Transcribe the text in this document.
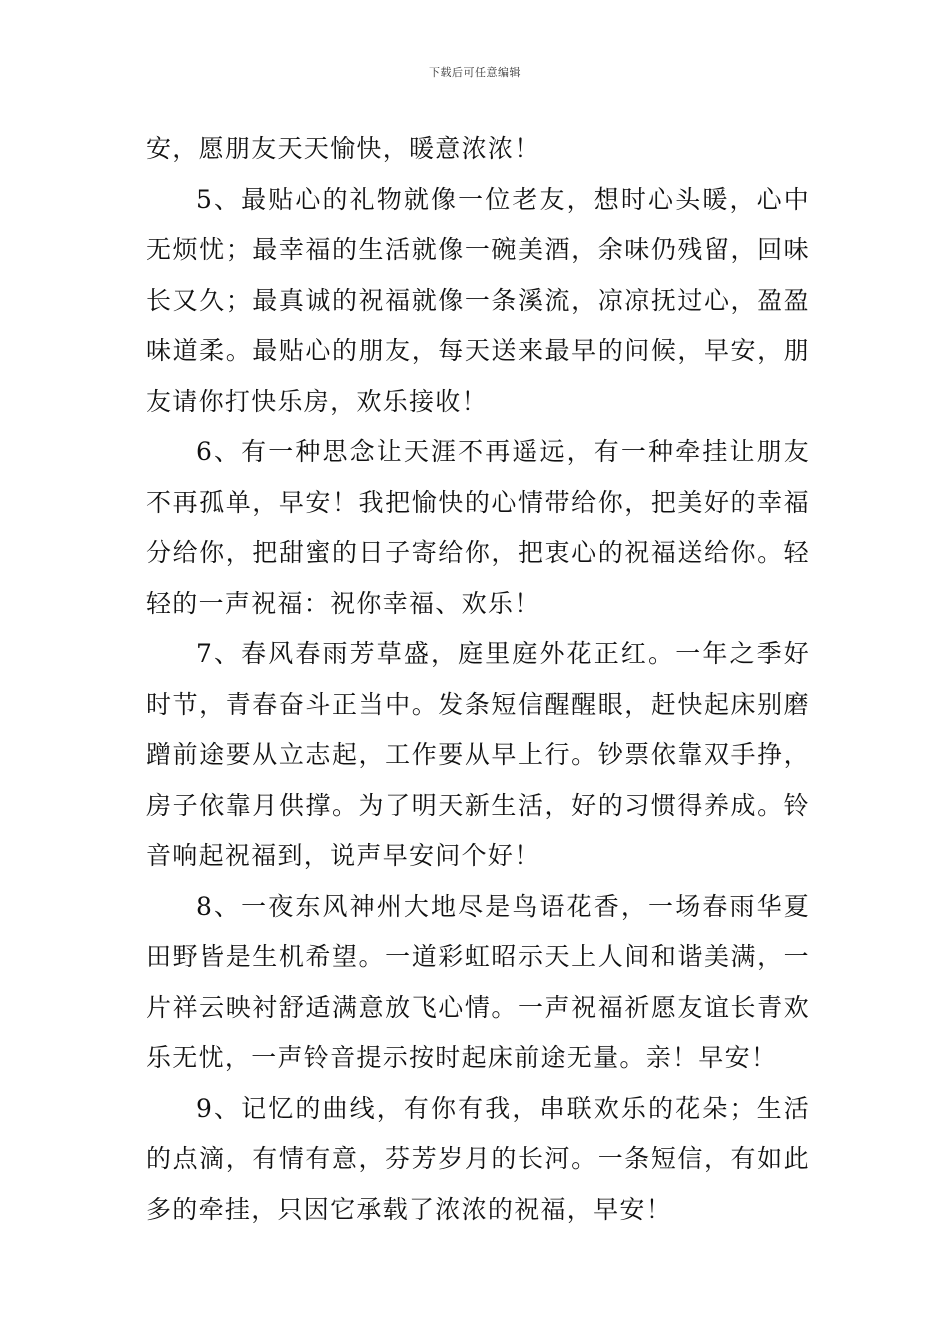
下载后可任意编辑

安，愿朋友天天愉快，暖意浓浓！

5、最贴心的礼物就像一位老友，想时心头暖，心中无烦忧；最幸福的生活就像一碗美酒，余味仍残留，回味长又久；最真诚的祝福就像一条溪流，凉凉抚过心，盈盈味道柔。最贴心的朋友，每天送来最早的问候，早安，朋友请你打快乐房，欢乐接收！

6、有一种思念让天涯不再遥远，有一种牵挂让朋友不再孤单，早安！我把愉快的心情带给你，把美好的幸福分给你，把甜蜜的日子寄给你，把衷心的祝福送给你。轻轻的一声祝福：祝你幸福、欢乐！

7、春风春雨芳草盛，庭里庭外花正红。一年之季好时节，青春奋斗正当中。发条短信醒醒眼，赶快起床别磨蹭前途要从立志起，工作要从早上行。钞票依靠双手挣，房子依靠月供撑。为了明天新生活，好的习惯得养成。铃音响起祝福到，说声早安问个好！

8、一夜东风神州大地尽是鸟语花香，一场春雨华夏田野皆是生机希望。一道彩虹昭示天上人间和谐美满，一片祥云映衬舒适满意放飞心情。一声祝福祈愿友谊长青欢乐无忧，一声铃音提示按时起床前途无量。亲！早安！

9、记忆的曲线，有你有我，串联欢乐的花朵；生活的点滴，有情有意，芬芳岁月的长河。一条短信，有如此多的牵挂，只因它承载了浓浓的祝福，早安！
